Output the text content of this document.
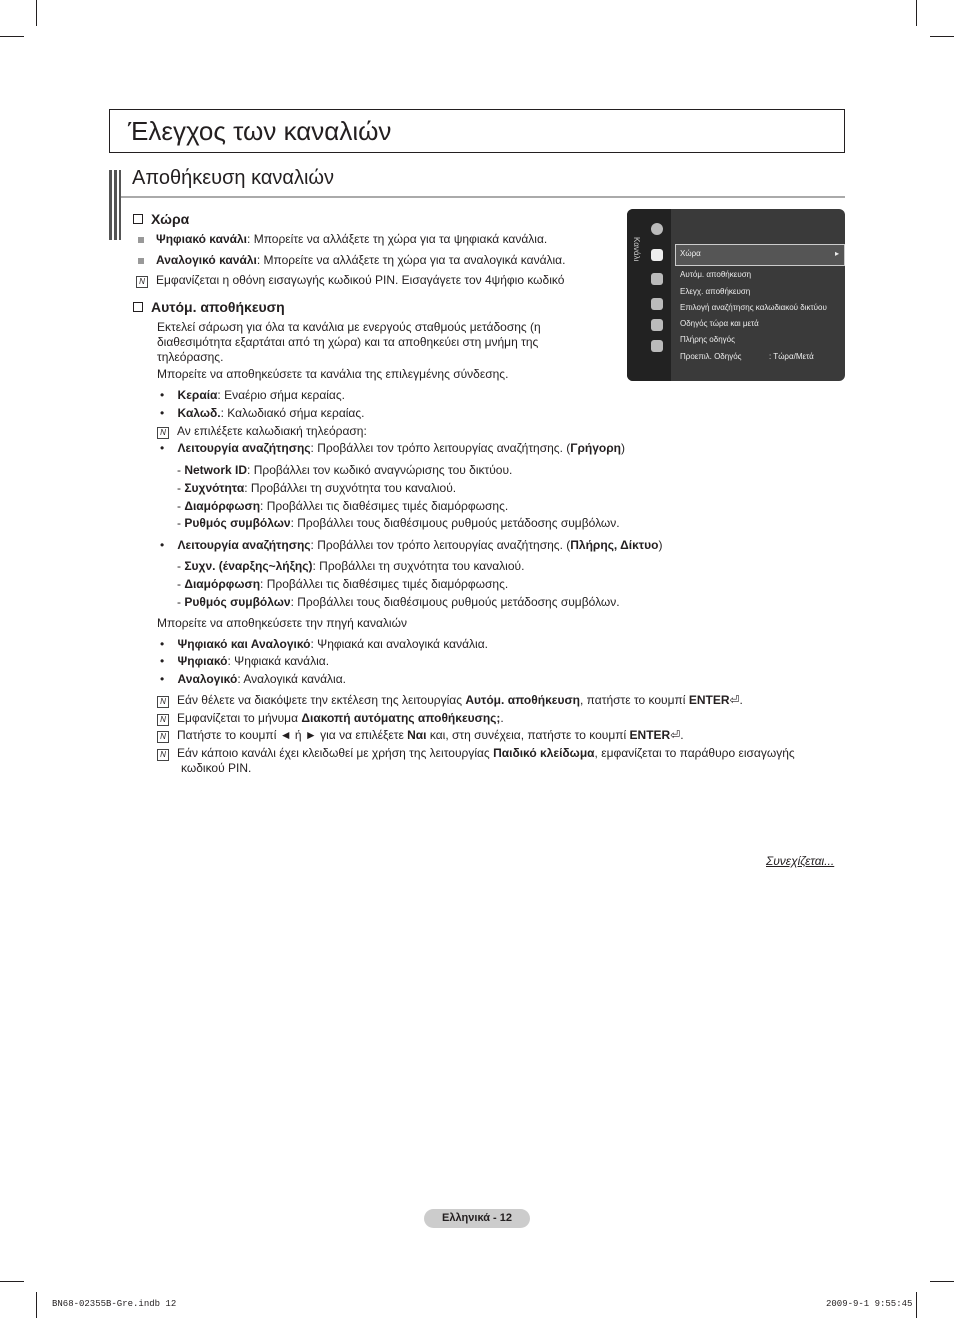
Έλεγχος των καναλιών
Αποθήκευση καναλιών
Χώρα
Ψηφιακό κανάλι: Μπορείτε να αλλάξετε τη χώρα για τα ψηφιακά κανάλια.
Αναλογικό κανάλι: Μπορείτε να αλλάξετε τη χώρα για τα αναλογικά κανάλια.
N Εμφανίζεται η οθόνη εισαγωγής κωδικού PIN. Εισαγάγετε τον 4ψήφιο κωδικό
Αυτόμ. αποθήκευση
Εκτελεί σάρωση για όλα τα κανάλια με ενεργούς σταθμούς μετάδοσης (η
διαθεσιμότητα εξαρτάται από τη χώρα) και τα αποθηκεύει στη μνήμη της
τηλεόρασης.
Μπορείτε να αποθηκεύσετε τα κανάλια της επιλεγμένης σύνδεσης.
•    Κεραία: Εναέριο σήμα κεραίας.
•    Καλωδ.: Καλωδιακό σήμα κεραίας.
N Αν επιλέξετε καλωδιακή τηλεόραση:
•    Λειτουργία αναζήτησης: Προβάλλει τον τρόπο λειτουργίας αναζήτησης. (Γρήγορη)
- Network ID: Προβάλλει τον κωδικό αναγνώρισης του δικτύου.
- Συχνότητα: Προβάλλει τη συχνότητα του καναλιού.
- Διαμόρφωση: Προβάλλει τις διαθέσιμες τιμές διαμόρφωσης.
- Ρυθμός συμβόλων: Προβάλλει τους διαθέσιμους ρυθμούς μετάδοσης συμβόλων.
•    Λειτουργία αναζήτησης: Προβάλλει τον τρόπο λειτουργίας αναζήτησης. (Πλήρης, Δίκτυο)
- Συχν. (έναρξης~λήξης): Προβάλλει τη συχνότητα του καναλιού.
- Διαμόρφωση: Προβάλλει τις διαθέσιμες τιμές διαμόρφωσης.
- Ρυθμός συμβόλων: Προβάλλει τους διαθέσιμους ρυθμούς μετάδοσης συμβόλων.
Μπορείτε να αποθηκεύσετε την πηγή καναλιών
•    Ψηφιακό και Αναλογικό: Ψηφιακά και αναλογικά κανάλια.
•    Ψηφιακό: Ψηφιακά κανάλια.
•    Αναλογικό: Αναλογικά κανάλια.
N Εάν θέλετε να διακόψετε την εκτέλεση της λειτουργίας Αυτόμ. αποθήκευση, πατήστε το κουμπί ENTER⏎.
N Εμφανίζεται το μήνυμα Διακοπή αυτόματης αποθήκευσης;.
N Πατήστε το κουμπί ◄ ή ► για να επιλέξετε Ναι και, στη συνέχεια, πατήστε το κουμπί ENTER⏎.
N Εάν κάποιο κανάλι έχει κλειδωθεί με χρήση της λειτουργίας Παιδικό κλείδωμα, εμφανίζεται το παράθυρο εισαγωγής
κωδικού PIN.
Κανάλι	Χώρα	▸
Αυτόμ. αποθήκευση
Ελεγχ. αποθήκευση
Επιλογή αναζήτησης καλωδιακού δικτύου
Οδηγός τώρα και μετά
Πλήρης οδηγός
Προεπιλ. Οδηγός	: Τώρα/Μετά
Συνεχίζεται...
Ελληνικά - 12
BN68-02355B-Gre.indb 12	2009-9-1 9:55:45
